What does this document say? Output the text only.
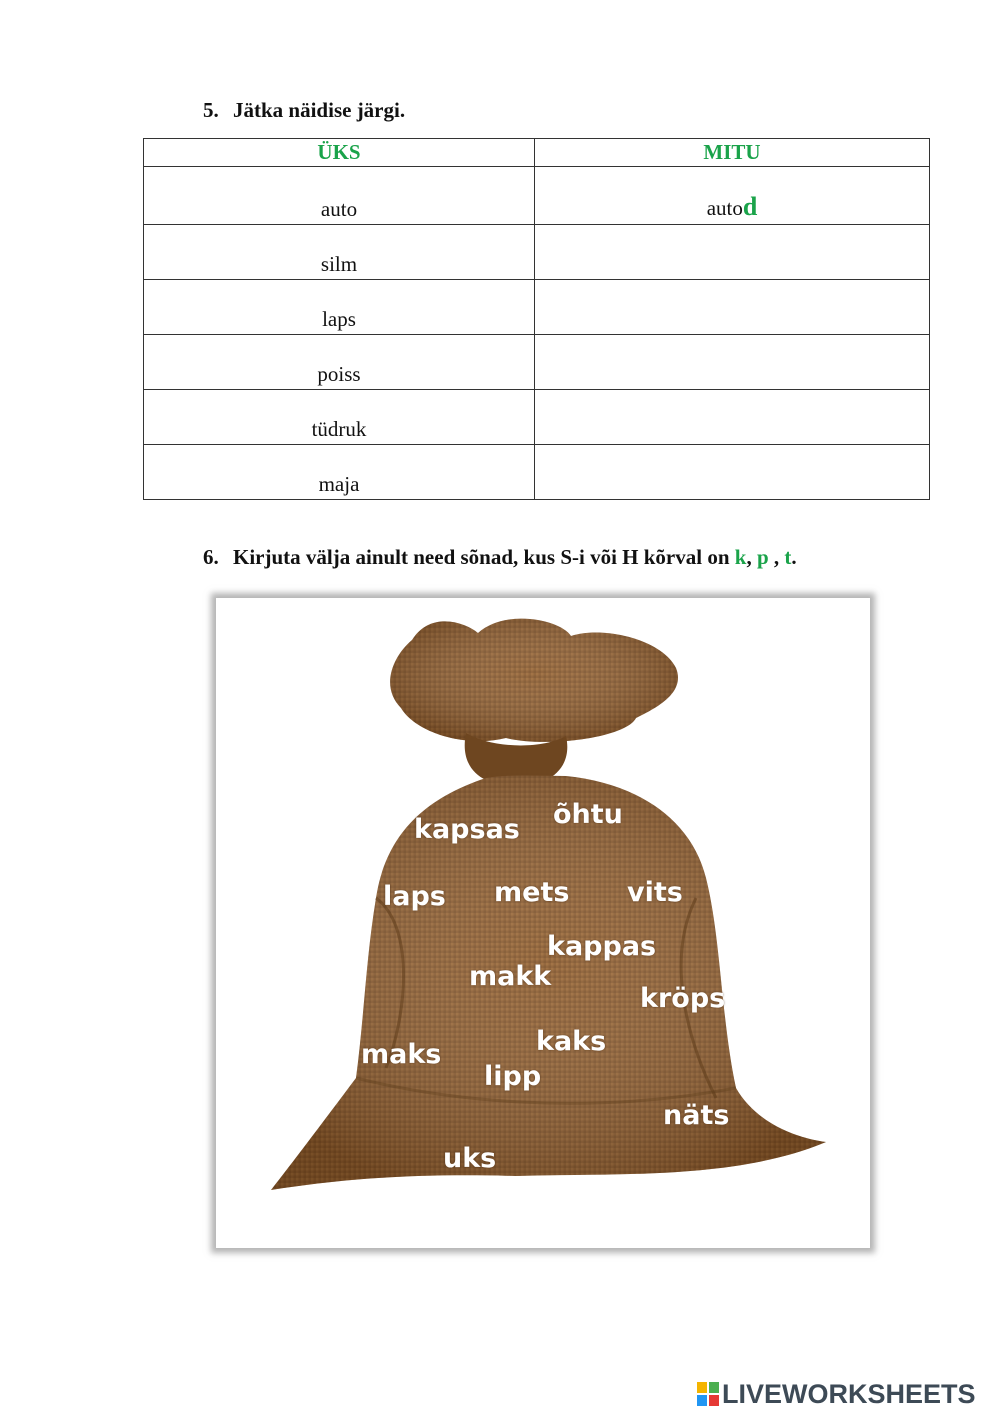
5. Jätka näidise järgi.
ÜKS	MITU
auto	autod
silm	
laps	
poiss	
tüdruk	
maja	
6. Kirjuta välja ainult need sõnad, kus S-i või H kõrval on k, p , t.
kapsas õhtu
laps mets vits
kappas
makk
kröps
kaks
maks
lipp
näts
uks
LIVEWORKSHEETS
